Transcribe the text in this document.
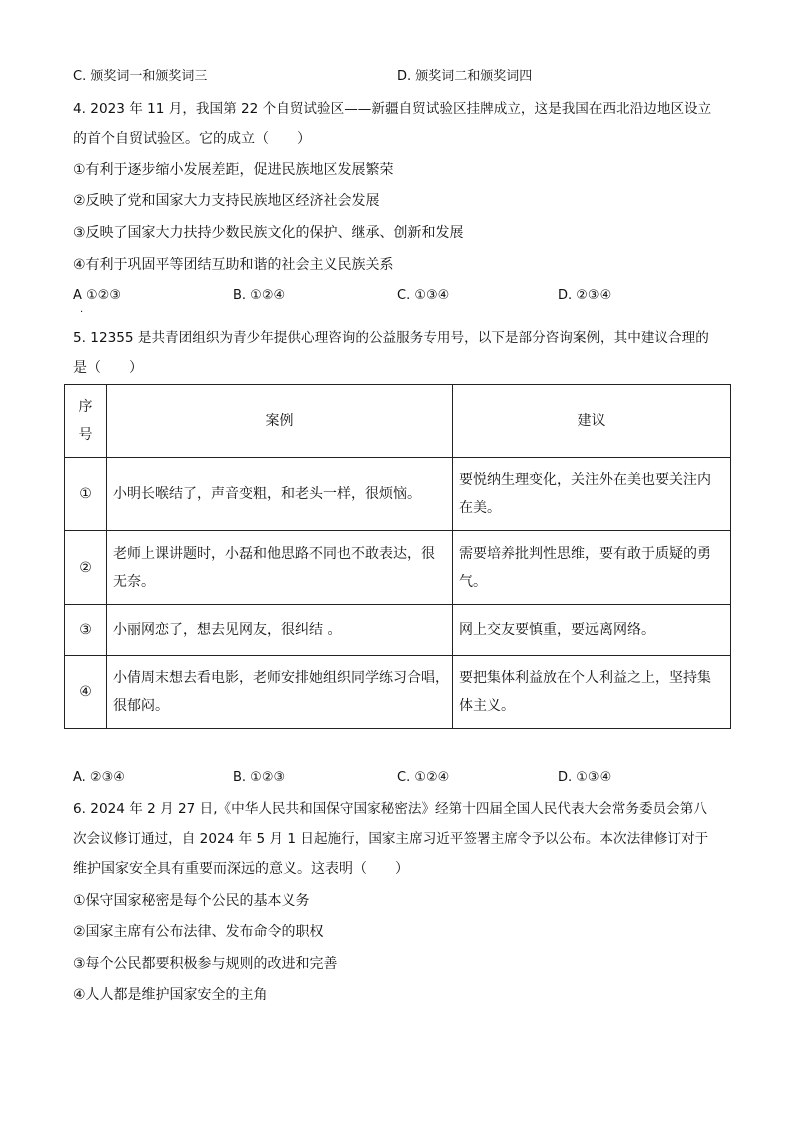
C. 颁奖词一和颁奖词三	D. 颁奖词二和颁奖词四
4. 2023 年 11 月，我国第 22 个自贸试验区——新疆自贸试验区挂牌成立，这是我国在西北沿边地区设立
的首个自贸试验区。它的成立（　　）
①有利于逐步缩小发展差距，促进民族地区发展繁荣
②反映了党和国家大力支持民族地区经济社会发展
③反映了国家大力扶持少数民族文化的保护、继承、创新和发展
④有利于巩固平等团结互助和谐的社会主义民族关系
A ①②③
.
B. ①②④	C. ①③④	D. ②③④
5. 12355 是共青团组织为青少年提供心理咨询的公益服务专用号，以下是部分咨询案例，其中建议合理的
是（　　）
序
号	案例	建议
①	小明长喉结了，声音变粗，和老头一样，很烦恼。	要悦纳生理变化，关注外在美也要关注内
在美。

②	老师上课讲题时，小磊和他思路不同也不敢表达，很
无奈。	需要培养批判性思维，要有敢于质疑的勇
气。

③	小丽网恋了，想去见网友，很纠结 。	网上交友要慎重，要远离网络。

④	小倩周末想去看电影，老师安排她组织同学练习合唱，
很郁闷。	要把集体利益放在个人利益之上，坚持集
体主义。
A. ②③④	B. ①②③	C. ①②④	D. ①③④
6. 2024 年 2 月 27 日,《中华人民共和国保守国家秘密法》经第十四届全国人民代表大会常务委员会第八
次会议修订通过，自 2024 年 5 月 1 日起施行，国家主席习近平签署主席令予以公布。本次法律修订对于
维护国家安全具有重要而深远的意义。这表明（　　）
①保守国家秘密是每个公民的基本义务
②国家主席有公布法律、发布命令的职权
③每个公民都要积极参与规则的改进和完善
④人人都是维护国家安全的主角
